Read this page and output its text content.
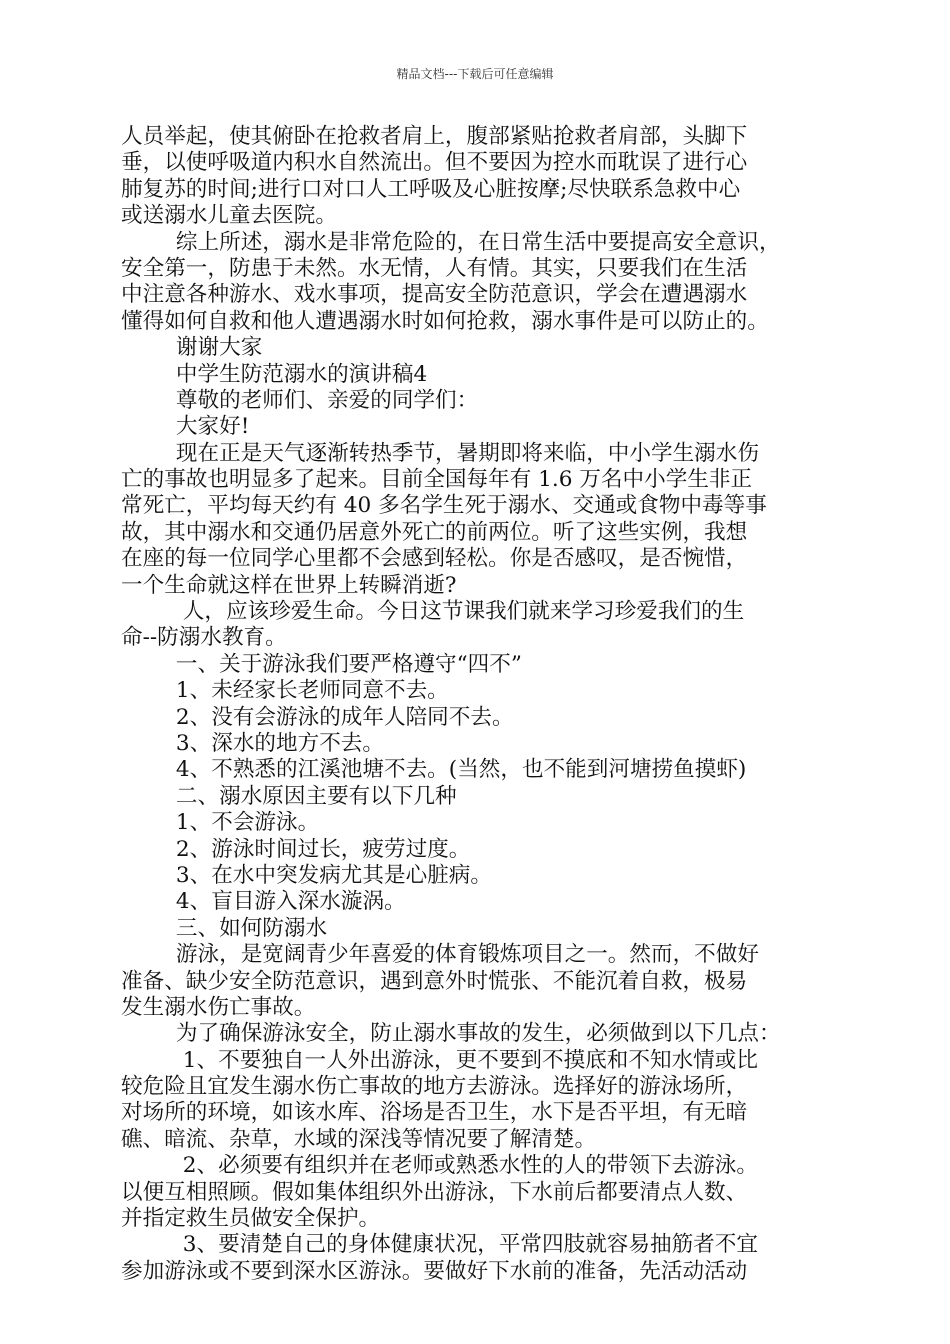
精品文档---下载后可任意编辑
人员举起，使其俯卧在抢救者肩上，腹部紧贴抢救者肩部，头脚下
垂，以使呼吸道内积水自然流出。但不要因为控水而耽误了进行心
肺复苏的时间;进行口对口人工呼吸及心脏按摩;尽快联系急救中心
或送溺水儿童去医院。
综上所述，溺水是非常危险的，在日常生活中要提高安全意识，
安全第一，防患于未然。水无情，人有情。其实，只要我们在生活
中注意各种游水、戏水事项，提高安全防范意识，学会在遭遇溺水
懂得如何自救和他人遭遇溺水时如何抢救，溺水事件是可以防止的。
谢谢大家
中学生防范溺水的演讲稿4
尊敬的老师们、亲爱的同学们：
大家好!
现在正是天气逐渐转热季节，暑期即将来临，中小学生溺水伤
亡的事故也明显多了起来。目前全国每年有 1.6 万名中小学生非正
常死亡，平均每天约有 40 多名学生死于溺水、交通或食物中毒等事
故，其中溺水和交通仍居意外死亡的前两位。听了这些实例，我想
在座的每一位同学心里都不会感到轻松。你是否感叹，是否惋惜，
一个生命就这样在世界上转瞬消逝?
人，应该珍爱生命。今日这节课我们就来学习珍爱我们的生
命--防溺水教育。
一、关于游泳我们要严格遵守“四不”
1、未经家长老师同意不去。
2、没有会游泳的成年人陪同不去。
3、深水的地方不去。
4、不熟悉的江溪池塘不去。(当然，也不能到河塘捞鱼摸虾)
二、溺水原因主要有以下几种
1、不会游泳。
2、游泳时间过长，疲劳过度。
3、在水中突发病尤其是心脏病。
4、盲目游入深水漩涡。
三、如何防溺水
游泳，是宽阔青少年喜爱的体育锻炼项目之一。然而，不做好
准备、缺少安全防范意识，遇到意外时慌张、不能沉着自救，极易
发生溺水伤亡事故。
为了确保游泳安全，防止溺水事故的发生，必须做到以下几点：
1、不要独自一人外出游泳，更不要到不摸底和不知水情或比
较危险且宜发生溺水伤亡事故的地方去游泳。选择好的游泳场所，
对场所的环境，如该水库、浴场是否卫生，水下是否平坦，有无暗
礁、暗流、杂草，水域的深浅等情况要了解清楚。
2、必须要有组织并在老师或熟悉水性的人的带领下去游泳。
以便互相照顾。假如集体组织外出游泳，下水前后都要清点人数、
并指定救生员做安全保护。
3、要清楚自己的身体健康状况，平常四肢就容易抽筋者不宜
参加游泳或不要到深水区游泳。要做好下水前的准备，先活动活动
